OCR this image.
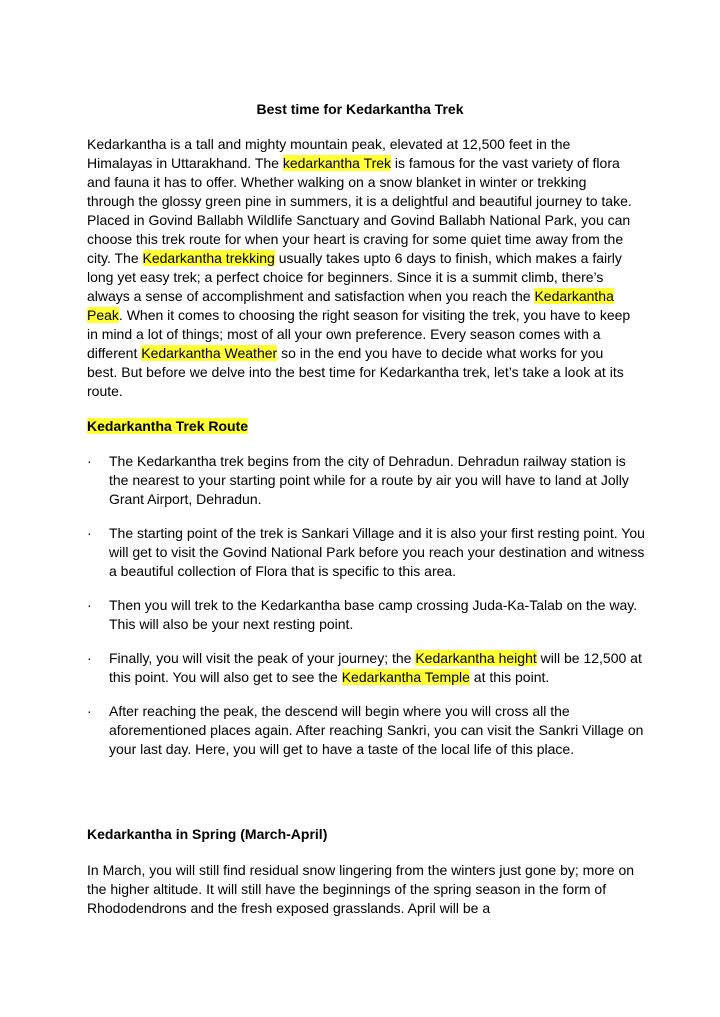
Best time for Kedarkantha Trek

Kedarkantha is a tall and mighty mountain peak, elevated at 12,500 feet in the Himalayas in Uttarakhand. The kedarkantha Trek is famous for the vast variety of flora and fauna it has to offer. Whether walking on a snow blanket in winter or trekking through the glossy green pine in summers, it is a delightful and beautiful journey to take. Placed in Govind Ballabh Wildlife Sanctuary and Govind Ballabh National Park, you can choose this trek route for when your heart is craving for some quiet time away from the city. The Kedarkantha trekking usually takes upto 6 days to finish, which makes a fairly long yet easy trek; a perfect choice for beginners. Since it is a summit climb, there’s always a sense of accomplishment and satisfaction when you reach the Kedarkantha Peak. When it comes to choosing the right season for visiting the trek, you have to keep in mind a lot of things; most of all your own preference. Every season comes with a different Kedarkantha Weather so in the end you have to decide what works for you best. But before we delve into the best time for Kedarkantha trek, let’s take a look at its route.

Kedarkantha Trek Route

· The Kedarkantha trek begins from the city of Dehradun. Dehradun railway station is the nearest to your starting point while for a route by air you will have to land at Jolly Grant Airport, Dehradun.

· The starting point of the trek is Sankari Village and it is also your first resting point. You will get to visit the Govind National Park before you reach your destination and witness a beautiful collection of Flora that is specific to this area.

· Then you will trek to the Kedarkantha base camp crossing Juda-Ka-Talab on the way. This will also be your next resting point.

· Finally, you will visit the peak of your journey; the Kedarkantha height will be 12,500 at this point. You will also get to see the Kedarkantha Temple at this point.

· After reaching the peak, the descend will begin where you will cross all the aforementioned places again. After reaching Sankri, you can visit the Sankri Village on your last day. Here, you will get to have a taste of the local life of this place.

Kedarkantha in Spring (March-April)

In March, you will still find residual snow lingering from the winters just gone by; more on the higher altitude. It will still have the beginnings of the spring season in the form of Rhododendrons and the fresh exposed grasslands. April will be a
